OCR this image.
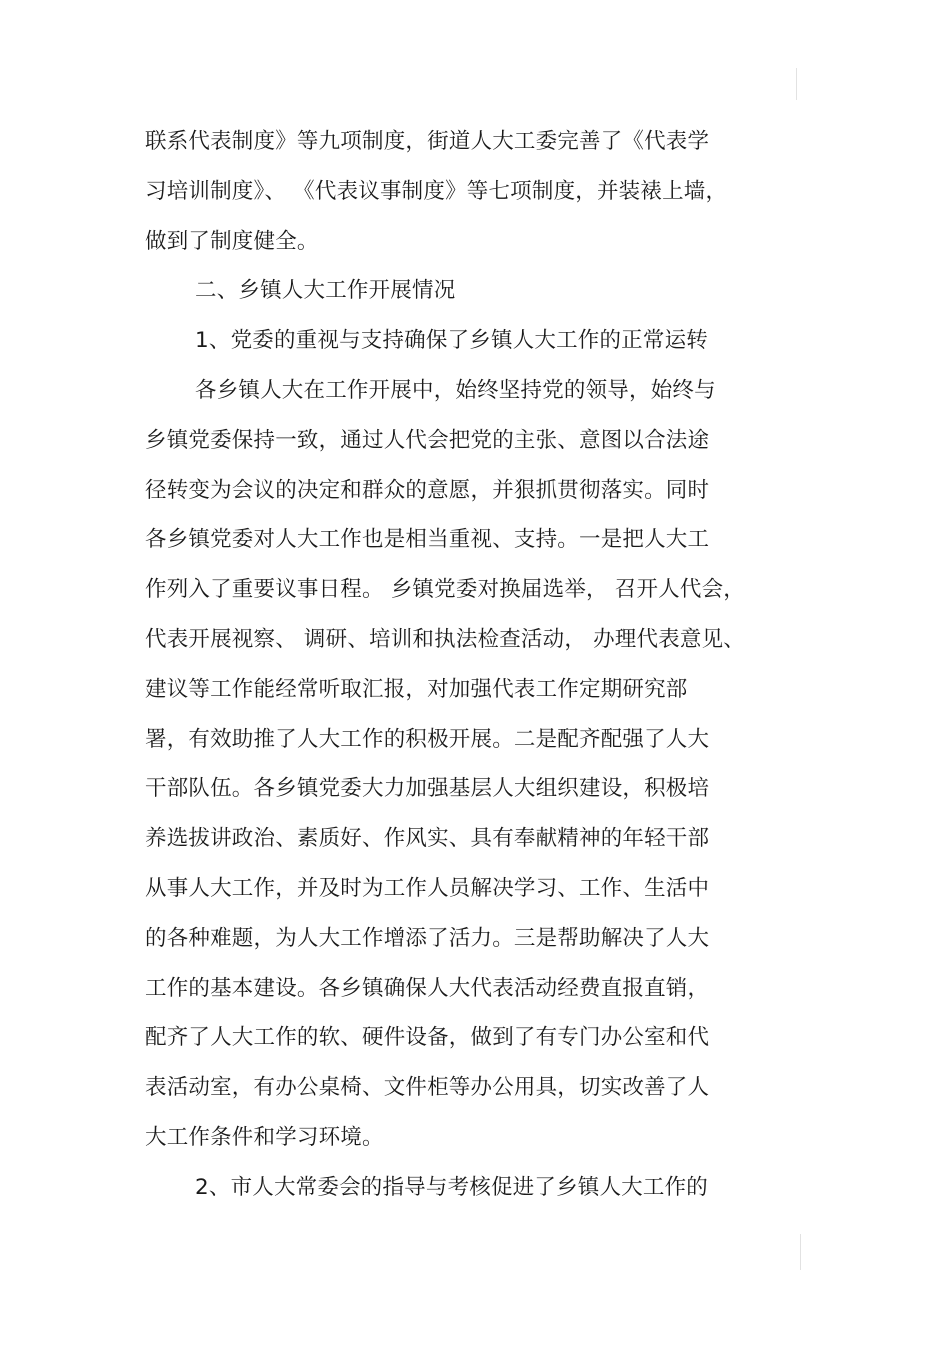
联系代表制度》等九项制度，街道人大工委完善了《代表学
习培训制度》、 《代表议事制度》等七项制度，并装裱上墙，
做到了制度健全。
二、乡镇人大工作开展情况
1、党委的重视与支持确保了乡镇人大工作的正常运转
各乡镇人大在工作开展中，始终坚持党的领导，始终与
乡镇党委保持一致，通过人代会把党的主张、意图以合法途
径转变为会议的决定和群众的意愿，并狠抓贯彻落实。同时
各乡镇党委对人大工作也是相当重视、支持。一是把人大工
作列入了重要议事日程。 乡镇党委对换届选举， 召开人代会，
代表开展视察、 调研、培训和执法检查活动， 办理代表意见、
建议等工作能经常听取汇报，对加强代表工作定期研究部
署，有效助推了人大工作的积极开展。二是配齐配强了人大
干部队伍。各乡镇党委大力加强基层人大组织建设，积极培
养选拔讲政治、素质好、作风实、具有奉献精神的年轻干部
从事人大工作，并及时为工作人员解决学习、工作、生活中
的各种难题，为人大工作增添了活力。三是帮助解决了人大
工作的基本建设。各乡镇确保人大代表活动经费直报直销，
配齐了人大工作的软、硬件设备，做到了有专门办公室和代
表活动室，有办公桌椅、文件柜等办公用具，切实改善了人
大工作条件和学习环境。
2、市人大常委会的指导与考核促进了乡镇人大工作的
